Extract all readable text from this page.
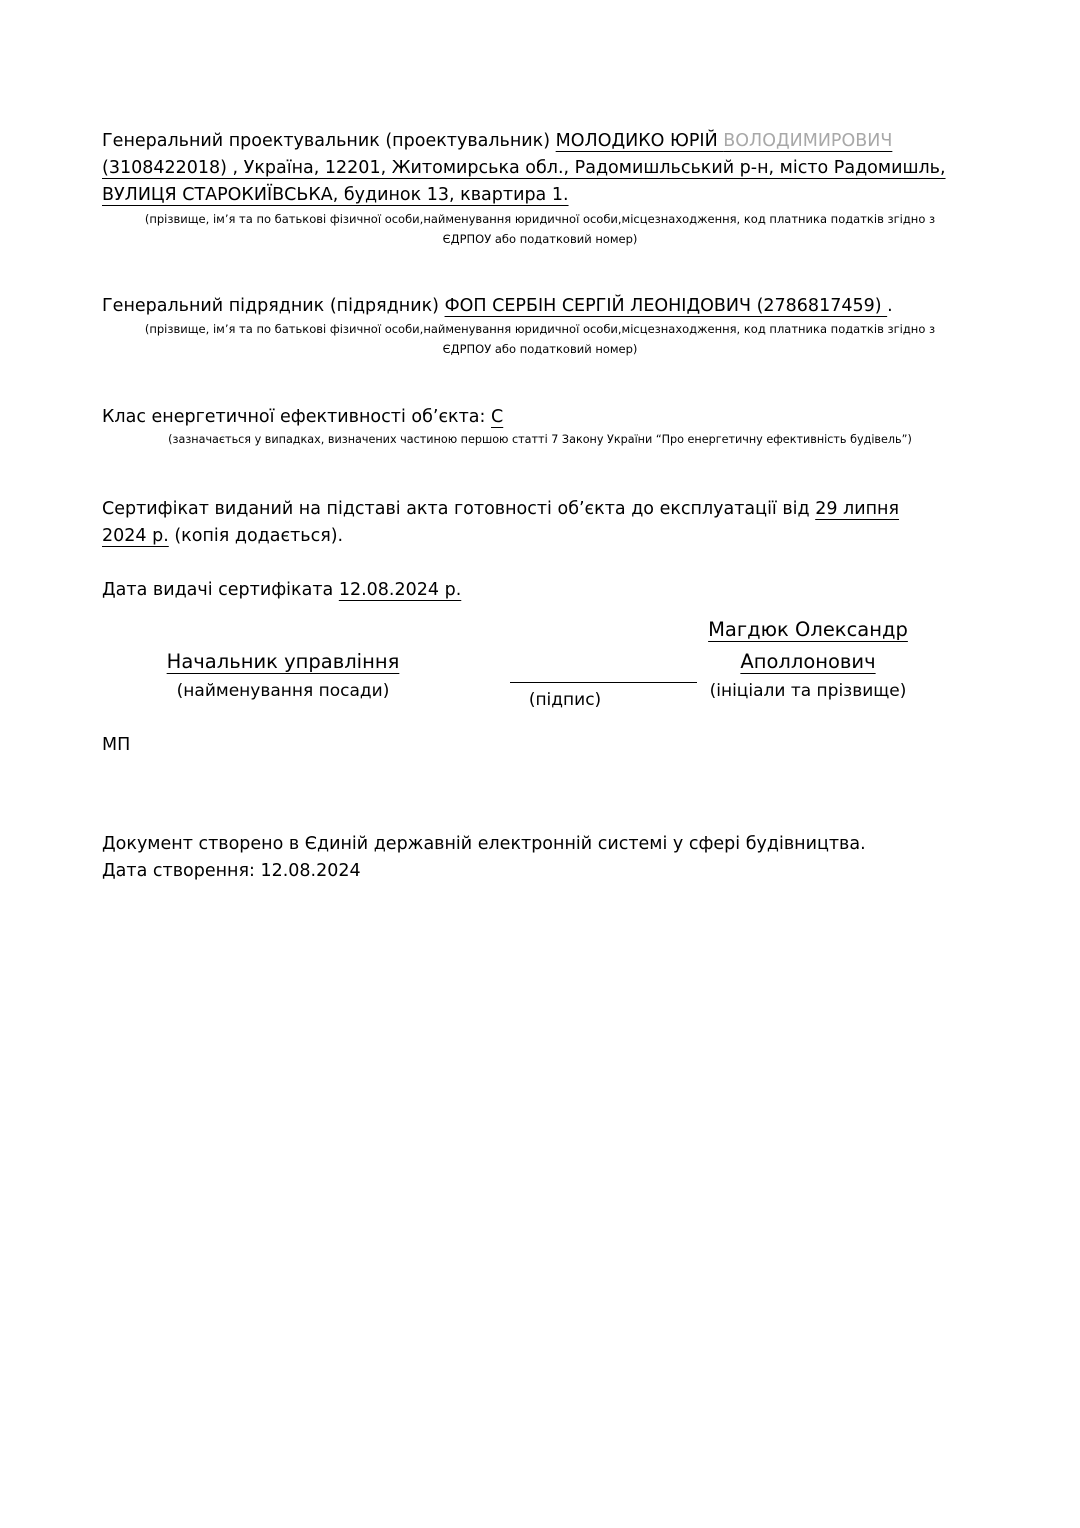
Генеральний проектувальник (проектувальник) МОЛОДИКО ЮРІЙ ВОЛОДИМИРОВИЧ
(3108422018) , Україна, 12201, Житомирська обл., Радомишльський р-н, місто Радомишль,
ВУЛИЦЯ СТАРОКИЇВСЬКА, будинок 13, квартира 1.
(прізвище, ім’я та по батькові фізичної особи,найменування юридичної особи,місцезнаходження, код платника податків згідно з
ЄДРПОУ або податковий номер)
Генеральний підрядник (підрядник) ФОП СЕРБІН СЕРГІЙ ЛЕОНІДОВИЧ (2786817459) .
(прізвище, ім’я та по батькові фізичної особи,найменування юридичної особи,місцезнаходження, код платника податків згідно з
ЄДРПОУ або податковий номер)
Клас енергетичної ефективності об’єкта: C
(зазначається у випадках, визначених частиною першою статті 7 Закону України “Про енергетичну ефективність будівель”)
Сертифікат виданий на підставі акта готовності об’єкта до експлуатації від 29 липня
2024 р. (копія додається).
Дата видачі сертифіката 12.08.2024 р.
Начальник управління
(найменування посади)	(підпис)
Магдюк Олександр
Аполлонович
(ініціали та прізвище)
МП
Документ створено в Єдиній державній електронній системі у сфері будівництва.
Дата створення: 12.08.2024
